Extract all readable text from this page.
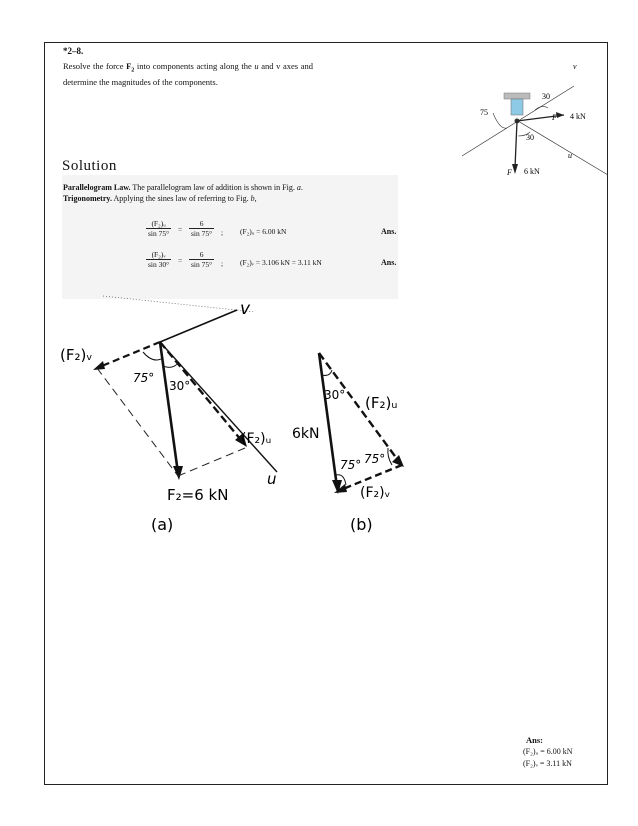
*2–8.
Resolve the force $F_2$ into components acting along the u and v axes and determine the magnitudes of the components.
v
30
75
30
F 4 kN
u
F 6 kN
Solution
Parallelogram Law. The parallelogram law of addition is shown in Fig. a.
Trigonometry. Applying the sines law of referring to Fig. b,
$\frac{\text{(F₂)ᵤ}}{\sin 75^\circ} = \frac{6}{\sin 75^\circ}$ ; (F₂)ᵤ = 6.00 kN	Ans.
$\frac{\text{(F₂)ᵥ}}{\sin 30^\circ} = \frac{6}{\sin 75^\circ}$ ; (F₂)ᵥ = 3.106 kN = 3.11 kN	Ans.
v
(F₂)ᵥ
75°
30°
(F₂)ᵤ
u
F₂=6 kN
(a)
30°
6kN
(F₂)ᵤ
75° 75°
(F₂)ᵥ
(b)
Ans:
(F₂)ᵤ = 6.00 kN
(F₂)ᵥ = 3.11 kN
